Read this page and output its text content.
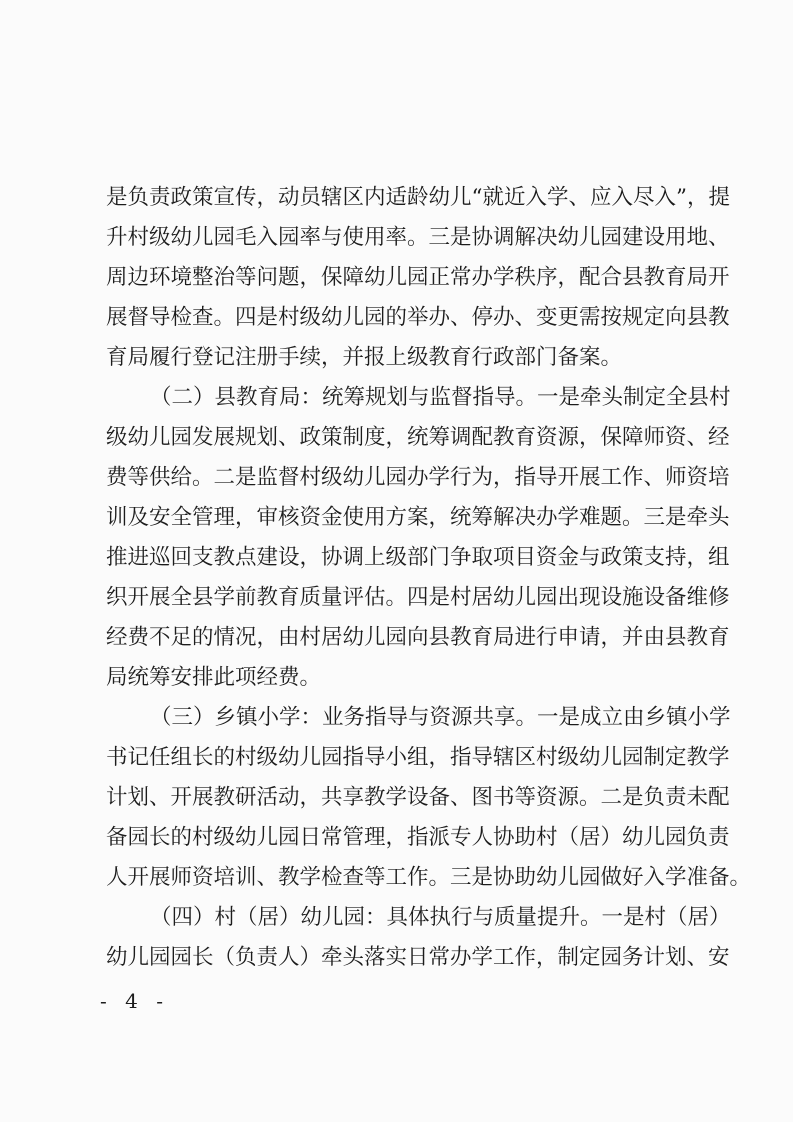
是负责政策宣传，动员辖区内适龄幼儿“就近入学、应入尽入”，提
升村级幼儿园毛入园率与使用率。三是协调解决幼儿园建设用地、
周边环境整治等问题，保障幼儿园正常办学秩序，配合县教育局开
展督导检查。四是村级幼儿园的举办、停办、变更需按规定向县教
育局履行登记注册手续，并报上级教育行政部门备案。
（二）县教育局：统筹规划与监督指导。一是牵头制定全县村
级幼儿园发展规划、政策制度，统筹调配教育资源，保障师资、经
费等供给。二是监督村级幼儿园办学行为，指导开展工作、师资培
训及安全管理，审核资金使用方案，统筹解决办学难题。三是牵头
推进巡回支教点建设，协调上级部门争取项目资金与政策支持，组
织开展全县学前教育质量评估。四是村居幼儿园出现设施设备维修
经费不足的情况，由村居幼儿园向县教育局进行申请，并由县教育
局统筹安排此项经费。
（三）乡镇小学：业务指导与资源共享。一是成立由乡镇小学
书记任组长的村级幼儿园指导小组，指导辖区村级幼儿园制定教学
计划、开展教研活动，共享教学设备、图书等资源。二是负责未配
备园长的村级幼儿园日常管理，指派专人协助村（居）幼儿园负责
人开展师资培训、教学检查等工作。三是协助幼儿园做好入学准备。
（四）村（居）幼儿园：具体执行与质量提升。一是村（居）
幼儿园园长（负责人）牵头落实日常办学工作，制定园务计划、安
- 4 -
